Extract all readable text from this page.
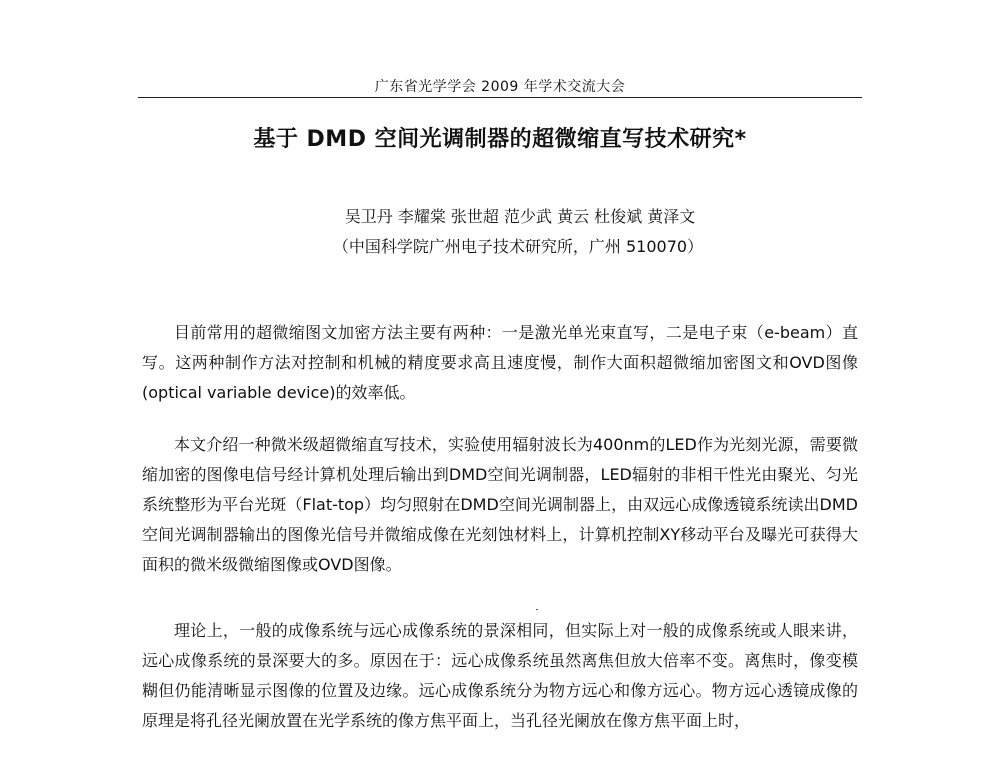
广东省光学学会 2009 年学术交流大会
基于 DMD 空间光调制器的超微缩直写技术研究*
吴卫丹 李耀棠 张世超 范少武 黄云 杜俊斌 黄泽文
（中国科学院广州电子技术研究所，广州 510070）

目前常用的超微缩图文加密方法主要有两种：一是激光单光束直写，二是电子束（e-beam）直写。这两种制作方法对控制和机械的精度要求高且速度慢，制作大面积超微缩加密图文和OVD图像(optical variable device)的效率低。

本文介绍一种微米级超微缩直写技术，实验使用辐射波长为400nm的LED作为光刻光源，需要微缩加密的图像电信号经计算机处理后输出到DMD空间光调制器，LED辐射的非相干性光由聚光、匀光系统整形为平台光斑（Flat-top）均匀照射在DMD空间光调制器上，由双远心成像透镜系统读出DMD空间光调制器输出的图像光信号并微缩成像在光刻蚀材料上，计算机控制XY移动平台及曝光可获得大面积的微米级微缩图像或OVD图像。

理论上，一般的成像系统与远心成像系统的景深相同，但实际上对一般的成像系统或人眼来讲，远心成像系统的景深要大的多。原因在于：远心成像系统虽然离焦但放大倍率不变。离焦时，像变模糊但仍能清晰显示图像的位置及边缘。远心成像系统分为物方远心和像方远心。物方远心透镜成像的原理是将孔径光阑放置在光学系统的像方焦平面上，当孔径光阑放在像方焦平面上时，
